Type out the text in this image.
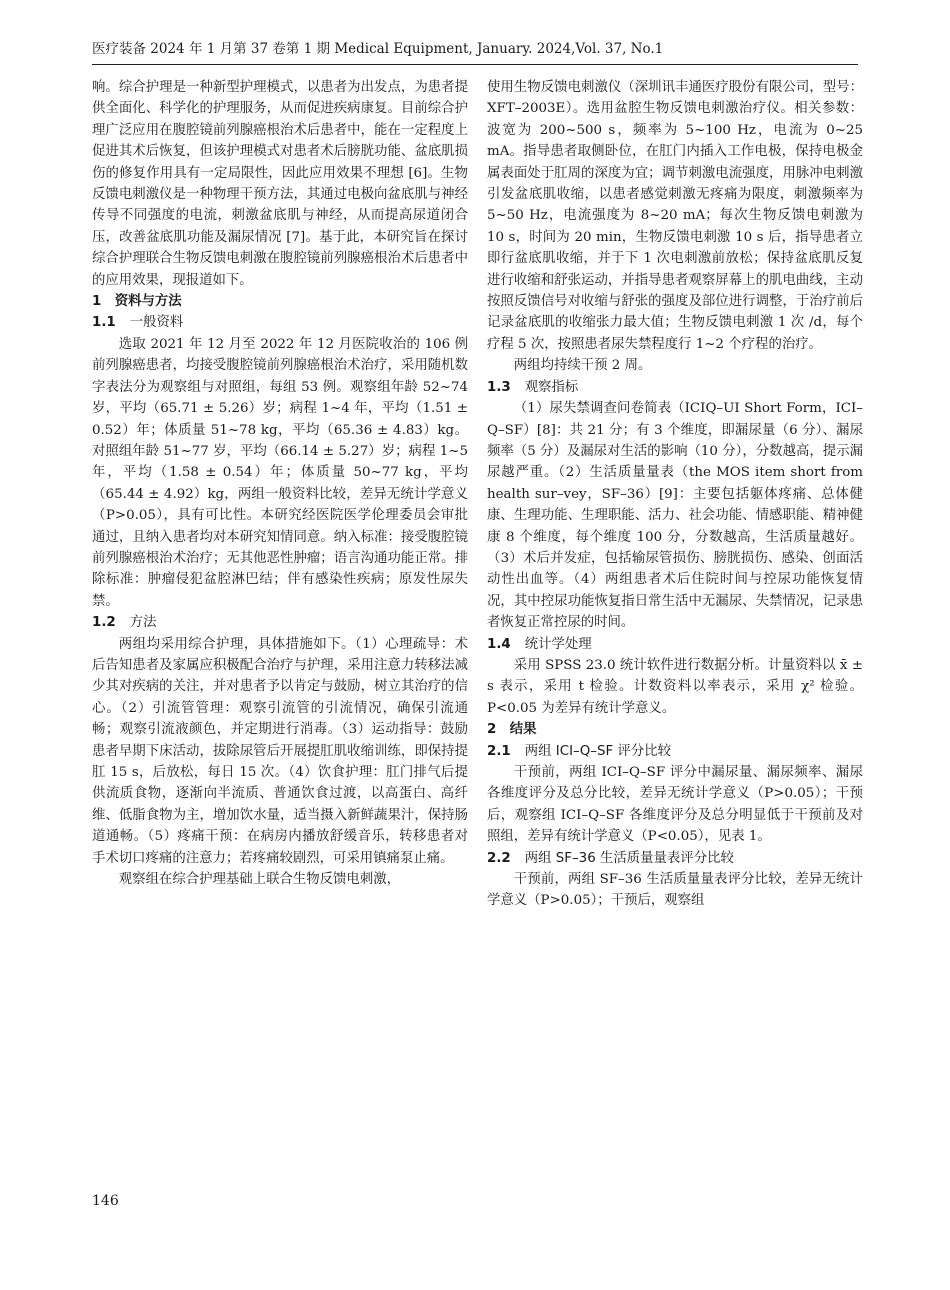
医疗装备 2024 年 1 月第 37 卷第 1 期 Medical Equipment, January. 2024,Vol. 37, No.1

响。综合护理是一种新型护理模式，以患者为出发点，为患者提供全面化、科学化的护理服务，从而促进疾病康复。目前综合护理广泛应用在腹腔镜前列腺癌根治术后患者中，能在一定程度上促进其术后恢复，但该护理模式对患者术后膀胱功能、盆底肌损伤的修复作用具有一定局限性，因此应用效果不理想 [6]。生物反馈电刺激仪是一种物理干预方法，其通过电极向盆底肌与神经传导不同强度的电流，刺激盆底肌与神经，从而提高尿道闭合压，改善盆底肌功能及漏尿情况 [7]。基于此，本研究旨在探讨综合护理联合生物反馈电刺激在腹腔镜前列腺癌根治术后患者中的应用效果，现报道如下。

1　 资料与方法

1.1 一般资料

选取 2021 年 12 月至 2022 年 12 月医院收治的 106 例前列腺癌患者，均接受腹腔镜前列腺癌根治术治疗，采用随机数字表法分为观察组与对照组，每组 53 例。观察组年龄 52~74 岁，平均（65.71 ± 5.26）岁；病程 1~4 年，平均（1.51 ± 0.52）年；体质量 51~78 kg，平均（65.36 ± 4.83）kg。对照组年龄 51~77 岁，平均（66.14 ± 5.27）岁；病程 1~5 年，平均（1.58 ± 0.54）年；体质量 50~77 kg，平均（65.44 ± 4.92）kg，两组一般资料比较，差异无统计学意义（P>0.05），具有可比性。本研究经医院医学伦理委员会审批通过，且纳入患者均对本研究知情同意。纳入标准：接受腹腔镜前列腺癌根治术治疗；无其他恶性肿瘤；语言沟通功能正常。排除标准：肿瘤侵犯盆腔淋巴结；伴有感染性疾病；原发性尿失禁。

1.2 方法

两组均采用综合护理，具体措施如下。（1）心理疏导：术后告知患者及家属应积极配合治疗与护理，采用注意力转移法减少其对疾病的关注，并对患者予以肯定与鼓励，树立其治疗的信心。（2）引流管管理：观察引流管的引流情况，确保引流通畅；观察引流液颜色，并定期进行消毒。（3）运动指导：鼓励患者早期下床活动，拔除尿管后开展提肛肌收缩训练，即保持提肛 15 s，后放松，每日 15 次。（4）饮食护理：肛门排气后提供流质食物，逐渐向半流质、普通饮食过渡，以高蛋白、高纤维、低脂食物为主，增加饮水量，适当摄入新鲜蔬果汁，保持肠道通畅。（5）疼痛干预：在病房内播放舒缓音乐，转移患者对手术切口疼痛的注意力；若疼痛较剧烈，可采用镇痛泵止痛。

观察组在综合护理基础上联合生物反馈电刺激，

使用生物反馈电刺激仪（深圳讯丰通医疗股份有限公司，型号：XFT–2003E）。选用盆腔生物反馈电刺激治疗仪。相关参数：波宽为 200~500 s，频率为 5~100 Hz，电流为 0~25 mA。指导患者取侧卧位，在肛门内插入工作电极，保持电极金属表面处于肛周的深度为宜；调节刺激电流强度，用脉冲电刺激引发盆底肌收缩，以患者感觉刺激无疼痛为限度，刺激频率为 5~50 Hz，电流强度为 8~20 mA；每次生物反馈电刺激为 10 s，时间为 20 min，生物反馈电刺激 10 s 后，指导患者立即行盆底肌收缩，并于下 1 次电刺激前放松；保持盆底肌反复进行收缩和舒张运动，并指导患者观察屏幕上的肌电曲线，主动按照反馈信号对收缩与舒张的强度及部位进行调整，于治疗前后记录盆底肌的收缩张力最大值；生物反馈电刺激 1 次 /d，每个疗程 5 次，按照患者尿失禁程度行 1~2 个疗程的治疗。

两组均持续干预 2 周。

1.3 观察指标

（1）尿失禁调查问卷简表（ICIQ–UI Short Form，ICI–Q–SF）[8]：共 21 分；有 3 个维度，即漏尿量（6 分）、漏尿频率（5 分）及漏尿对生活的影响（10 分），分数越高，提示漏尿越严重。（2）生活质量量表（the MOS item short from health sur–vey，SF–36）[9]：主要包括躯体疼痛、总体健康、生理功能、生理职能、活力、社会功能、情感职能、精神健康 8 个维度，每个维度 100 分，分数越高，生活质量越好。（3）术后并发症，包括输尿管损伤、膀胱损伤、感染、创面活动性出血等。（4）两组患者术后住院时间与控尿功能恢复情况，其中控尿功能恢复指日常生活中无漏尿、失禁情况，记录患者恢复正常控尿的时间。

1.4 统计学处理

采用 SPSS 23.0 统计软件进行数据分析。计量资料以 x̄ ± s 表示，采用 t 检验。计数资料以率表示，采用 χ² 检验。P<0.05 为差异有统计学意义。

2　 结果

2.1 两组 ICI–Q–SF 评分比较

干预前，两组 ICI–Q–SF 评分中漏尿量、漏尿频率、漏尿各维度评分及总分比较，差异无统计学意义（P>0.05）；干预后，观察组 ICI–Q–SF 各维度评分及总分明显低于干预前及对照组，差异有统计学意义（P<0.05），见表 1。

2.2 两组 SF–36 生活质量量表评分比较

干预前，两组 SF–36 生活质量量表评分比较，差异无统计学意义（P>0.05）；干预后，观察组

146
